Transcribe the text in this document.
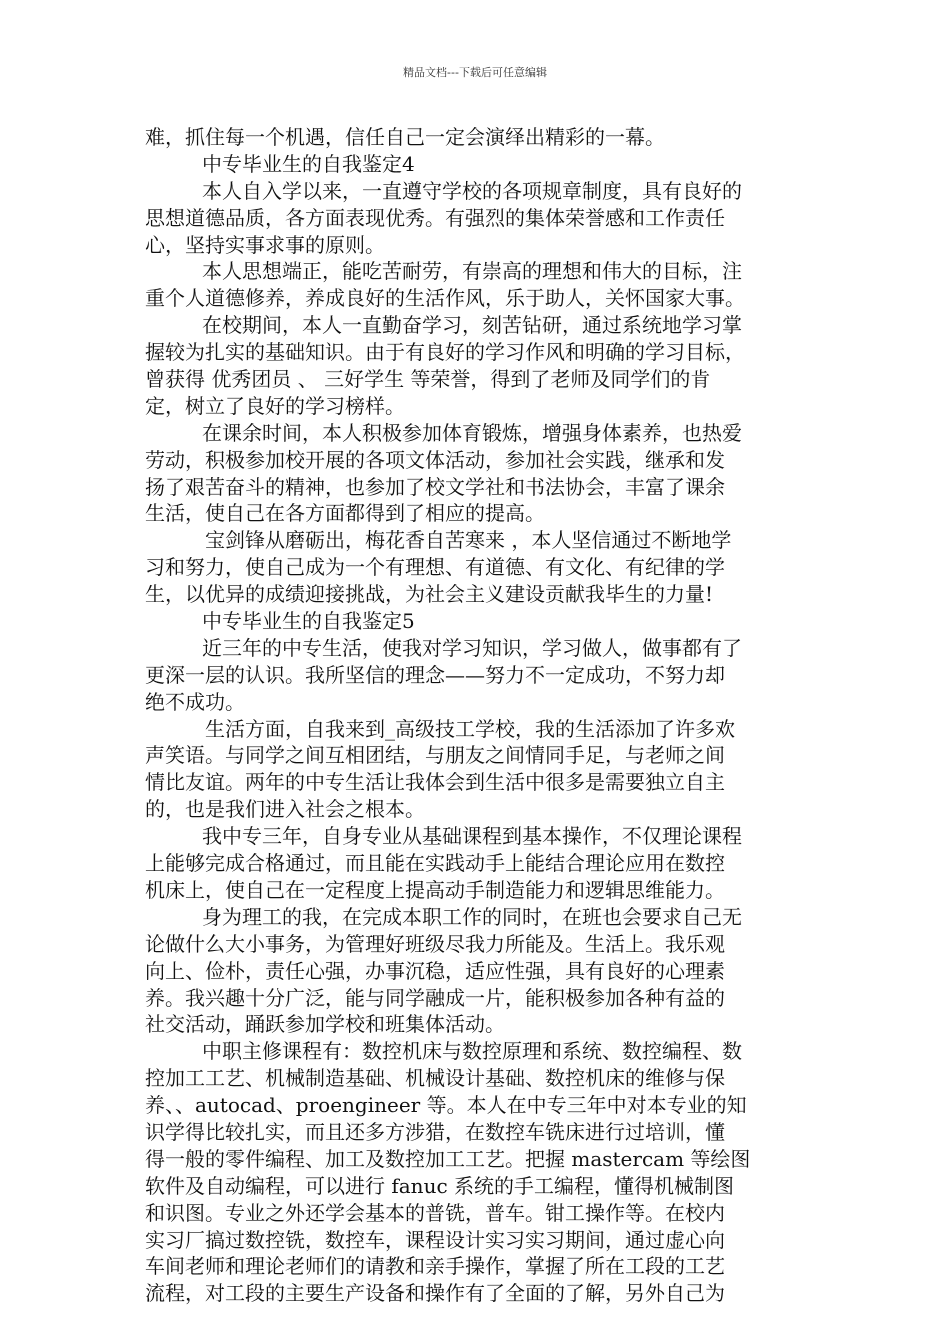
精品文档---下载后可任意编辑
难，抓住每一个机遇，信任自己一定会演绎出精彩的一幕。
中专毕业生的自我鉴定4
本人自入学以来，一直遵守学校的各项规章制度，具有良好的
思想道德品质，各方面表现优秀。有强烈的集体荣誉感和工作责任
心，坚持实事求事的原则。
本人思想端正，能吃苦耐劳，有崇高的理想和伟大的目标，注
重个人道德修养，养成良好的生活作风，乐于助人，关怀国家大事。
在校期间，本人一直勤奋学习，刻苦钻研，通过系统地学习掌
握较为扎实的基础知识。由于有良好的学习作风和明确的学习目标，
曾获得 优秀团员 、 三好学生 等荣誉，得到了老师及同学们的肯
定，树立了良好的学习榜样。
在课余时间，本人积极参加体育锻炼，增强身体素养，也热爱
劳动，积极参加校开展的各项文体活动，参加社会实践，继承和发
扬了艰苦奋斗的精神，也参加了校文学社和书法协会，丰富了课余
生活，使自己在各方面都得到了相应的提高。
宝剑锋从磨砺出，梅花香自苦寒来 ，本人坚信通过不断地学
习和努力，使自己成为一个有理想、有道德、有文化、有纪律的学
生，以优异的成绩迎接挑战，为社会主义建设贡献我毕生的力量!
中专毕业生的自我鉴定5
近三年的中专生活，使我对学习知识，学习做人，做事都有了
更深一层的认识。我所坚信的理念——努力不一定成功，不努力却
绝不成功。
生活方面，自我来到_高级技工学校，我的生活添加了许多欢
声笑语。与同学之间互相团结，与朋友之间情同手足，与老师之间
情比友谊。两年的中专生活让我体会到生活中很多是需要独立自主
的，也是我们进入社会之根本。
我中专三年，自身专业从基础课程到基本操作，不仅理论课程
上能够完成合格通过，而且能在实践动手上能结合理论应用在数控
机床上，使自己在一定程度上提高动手制造能力和逻辑思维能力。
身为理工的我，在完成本职工作的同时，在班也会要求自己无
论做什么大小事务，为管理好班级尽我力所能及。生活上。我乐观
向上、俭朴，责任心强，办事沉稳，适应性强，具有良好的心理素
养。我兴趣十分广泛，能与同学融成一片，能积极参加各种有益的
社交活动，踊跃参加学校和班集体活动。
中职主修课程有：数控机床与数控原理和系统、数控编程、数
控加工工艺、机械制造基础、机械设计基础、数控机床的维修与保
养、、autocad、proengineer 等。本人在中专三年中对本专业的知
识学得比较扎实，而且还多方涉猎，在数控车铣床进行过培训，懂
得一般的零件编程、加工及数控加工工艺。把握 mastercam 等绘图
软件及自动编程，可以进行 fanuc 系统的手工编程，懂得机械制图
和识图。专业之外还学会基本的普铣，普车。钳工操作等。在校内
实习厂搞过数控铣，数控车，课程设计实习实习期间，通过虚心向
车间老师和理论老师们的请教和亲手操作，掌握了所在工段的工艺
流程，对工段的主要生产设备和操作有了全面的了解，另外自己为
